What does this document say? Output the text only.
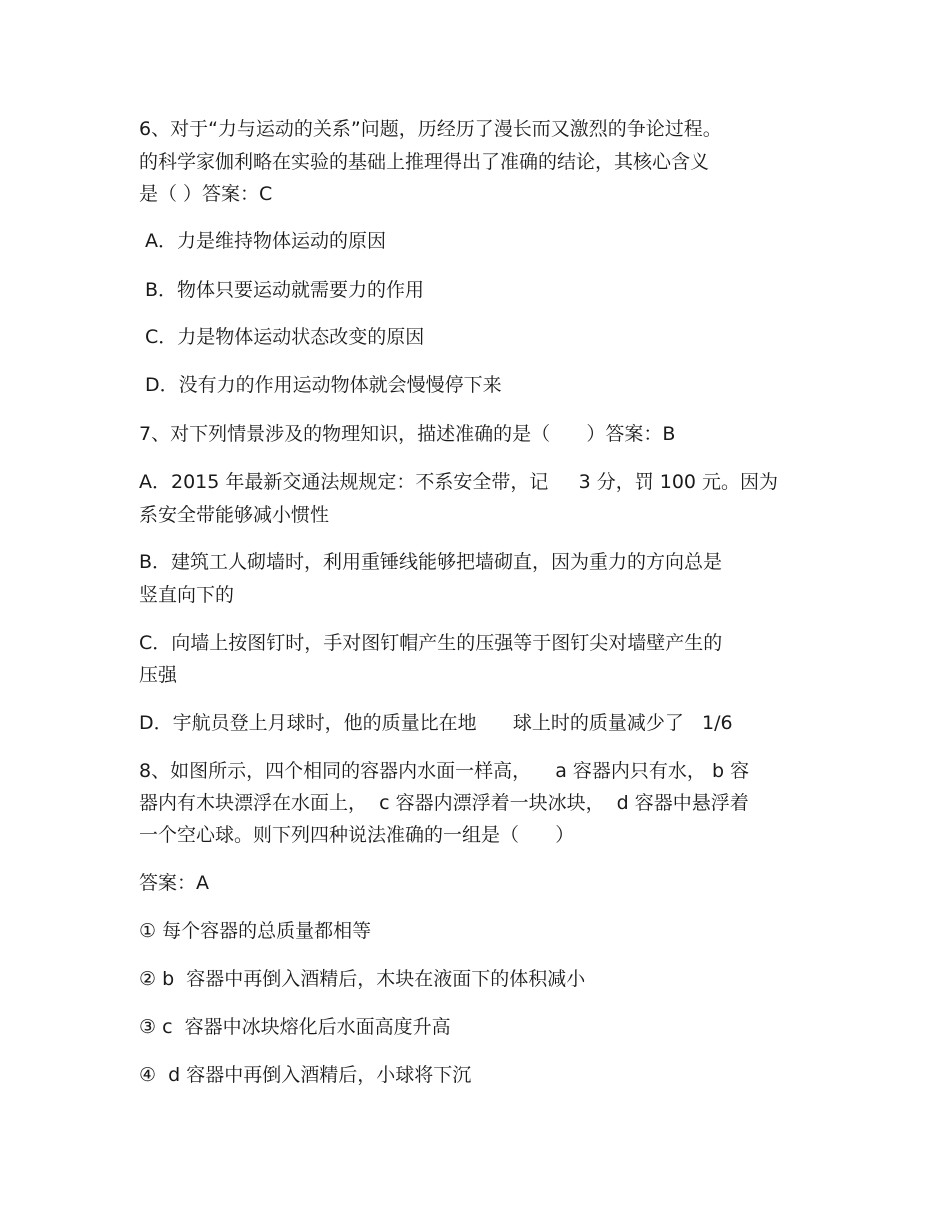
6、对于“力与运动的关系”问题，历经历了漫长而又激烈的争论过程。

的科学家伽利略在实验的基础上推理得出了准确的结论，其核心含义

是（ ）答案：C

A．力是维持物体运动的原因

B．物体只要运动就需要力的作用

C．力是物体运动状态改变的原因

D．没有力的作用运动物体就会慢慢停下来

7、对下列情景涉及的物理知识，描述准确的是（      ）答案：B

A．2015 年最新交通法规规定：不系安全带，记     3 分，罚 100 元。因为

系安全带能够减小惯性

B．建筑工人砌墙时，利用重锤线能够把墙砌直，因为重力的方向总是

竖直向下的

C．向墙上按图钉时，手对图钉帽产生的压强等于图钉尖对墙壁产生的

压强

D．宇航员登上月球时，他的质量比在地      球上时的质量减少了   1/6

8、如图所示，四个相同的容器内水面一样高，    a 容器内只有水， b 容

器内有木块漂浮在水面上，  c 容器内漂浮着一块冰块，  d 容器中悬浮着

一个空心球。则下列四种说法准确的一组是（      ）

答案：A

① 每个容器的总质量都相等

② b  容器中再倒入酒精后，木块在液面下的体积减小

③ c  容器中冰块熔化后水面高度升高

④  d 容器中再倒入酒精后，小球将下沉
